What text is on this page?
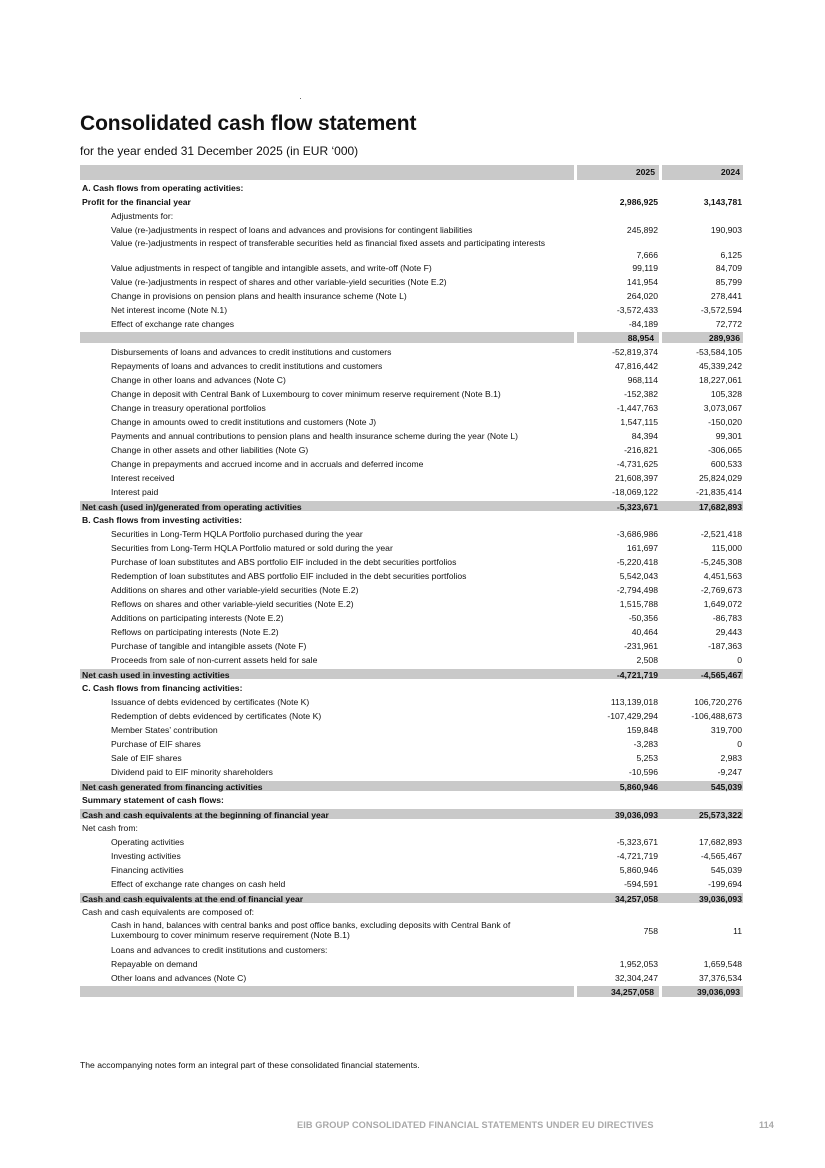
Consolidated cash flow statement
for the year ended 31 December 2025 (in EUR ‘000)
2025	2024
A. Cash flows from operating activities:
Profit for the financial year	2,986,925	3,143,781
Adjustments for:
Value (re-)adjustments in respect of loans and advances and provisions for contingent liabilities	245,892	190,903
Value (re-)adjustments in respect of transferable securities held as financial fixed assets and participating interests
7,666	6,125
Value adjustments in respect of tangible and intangible assets, and write-off (Note F)	99,119	84,709
Value (re-)adjustments in respect of shares and other variable-yield securities (Note E.2)	141,954	85,799
Change in provisions on pension plans and health insurance scheme (Note L)	264,020	278,441
Net interest income (Note N.1)	-3,572,433	-3,572,594
Effect of exchange rate changes	-84,189	72,772
88,954	289,936
Disbursements of loans and advances to credit institutions and customers	-52,819,374	-53,584,105
Repayments of loans and advances to credit institutions and customers	47,816,442	45,339,242
Change in other loans and advances (Note C)	968,114	18,227,061
Change in deposit with Central Bank of Luxembourg to cover minimum reserve requirement (Note B.1)	-152,382	105,328
Change in treasury operational portfolios	-1,447,763	3,073,067
Change in amounts owed to credit institutions and customers (Note J)	1,547,115	-150,020
Payments and annual contributions to pension plans and health insurance scheme during the year (Note L)	84,394	99,301
Change in other assets and other liabilities (Note G)	-216,821	-306,065
Change in prepayments and accrued income and in accruals and deferred income	-4,731,625	600,533
Interest received	21,608,397	25,824,029
Interest paid	-18,069,122	-21,835,414
Net cash (used in)/generated from operating activities	-5,323,671	17,682,893
B. Cash flows from investing activities:
Securities in Long-Term HQLA Portfolio purchased during the year	-3,686,986	-2,521,418
Securities from Long-Term HQLA Portfolio matured or sold during the year	161,697	115,000
Purchase of loan substitutes and ABS portfolio EIF included in the debt securities portfolios	-5,220,418	-5,245,308
Redemption of loan substitutes and ABS portfolio EIF included in the debt securities portfolios	5,542,043	4,451,563
Additions on shares and other variable-yield securities (Note E.2)	-2,794,498	-2,769,673
Reflows on shares and other variable-yield securities (Note E.2)	1,515,788	1,649,072
Additions on participating interests (Note E.2)	-50,356	-86,783
Reflows on participating interests (Note E.2)	40,464	29,443
Purchase of tangible and intangible assets (Note F)	-231,961	-187,363
Proceeds from sale of non-current assets held for sale	2,508	0
Net cash used in investing activities	-4,721,719	-4,565,467
C. Cash flows from financing activities:
Issuance of debts evidenced by certificates (Note K)	113,139,018	106,720,276
Redemption of debts evidenced by certificates (Note K)	-107,429,294	-106,488,673
Member States’ contribution	159,848	319,700
Purchase of EIF shares	-3,283	0
Sale of EIF shares	5,253	2,983
Dividend paid to EIF minority shareholders	-10,596	-9,247
Net cash generated from financing activities	5,860,946	545,039
Summary statement of cash flows:
Cash and cash equivalents at the beginning of financial year	39,036,093	25,573,322
Net cash from:
Operating activities	-5,323,671	17,682,893
Investing activities	-4,721,719	-4,565,467
Financing activities	5,860,946	545,039
Effect of exchange rate changes on cash held	-594,591	-199,694
Cash and cash equivalents at the end of financial year	34,257,058	39,036,093
Cash and cash equivalents are composed of:
Cash in hand, balances with central banks and post office banks, excluding deposits with Central Bank of Luxembourg to cover minimum reserve requirement (Note B.1)	758	11
Loans and advances to credit institutions and customers:
Repayable on demand	1,952,053	1,659,548
Other loans and advances (Note C)	32,304,247	37,376,534
34,257,058	39,036,093
The accompanying notes form an integral part of these consolidated financial statements.
EIB GROUP CONSOLIDATED FINANCIAL STATEMENTS UNDER EU DIRECTIVES	114
